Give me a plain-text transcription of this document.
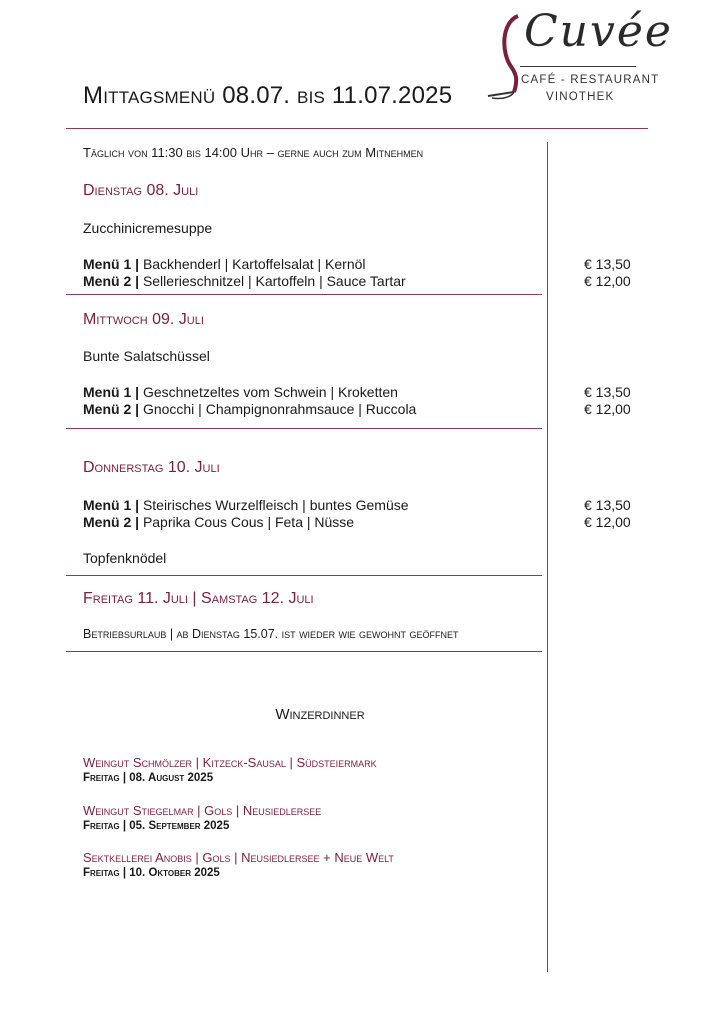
Mittagsmenü 08.07. bis 11.07.2025
Cuvée
CAFÉ - RESTAURANT
VINOTHEK
Täglich von 11:30 bis 14:00 Uhr – gerne auch zum Mitnehmen
Dienstag 08. Juli
Zucchinicremesuppe
Menü 1 | Backhenderl | Kartoffelsalat | Kernöl	€ 13,50
Menü 2 | Sellerieschnitzel | Kartoffeln | Sauce Tartar	€ 12,00
Mittwoch 09. Juli
Bunte Salatschüssel
Menü 1 | Geschnetzeltes vom Schwein | Kroketten	€ 13,50
Menü 2 | Gnocchi | Champignonrahmsauce | Ruccola	€ 12,00
Donnerstag 10. Juli
Menü 1 | Steirisches Wurzelfleisch | buntes Gemüse	€ 13,50
Menü 2 | Paprika Cous Cous | Feta | Nüsse	€ 12,00
Topfenknödel
Freitag 11. Juli | Samstag 12. Juli
Betriebsurlaub | ab Dienstag 15.07. ist wieder wie gewohnt geöffnet
Winzerdinner
Weingut Schmölzer | Kitzeck-Sausal | Südsteiermark
Freitag | 08. August 2025
Weingut Stiegelmar | Gols | Neusiedlersee
Freitag | 05. September 2025
Sektkellerei Anobis | Gols | Neusiedlersee + Neue Welt
Freitag | 10. Oktober 2025
